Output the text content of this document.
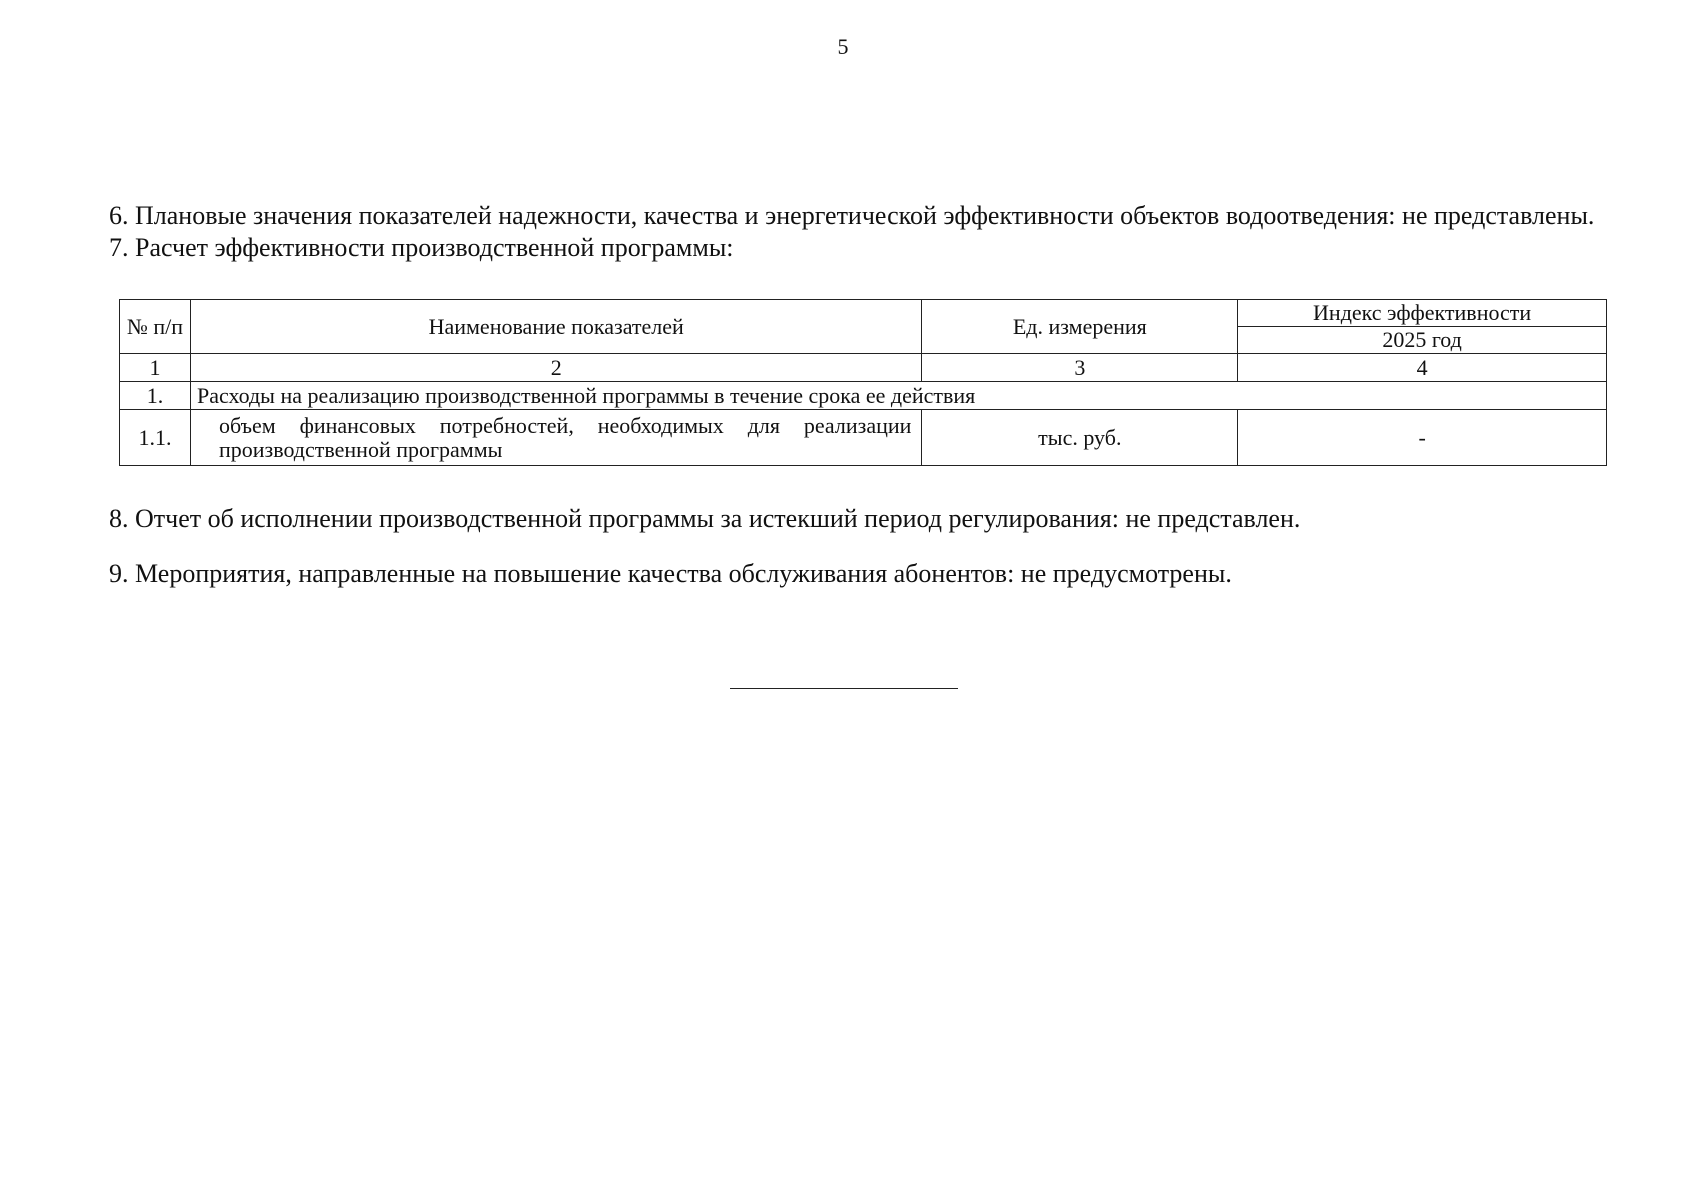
5

6. Плановые значения показателей надежности, качества и энергетической эффективности объектов водоотведения: не представлены.

7. Расчет эффективности производственной программы:

№ п/п	Наименование показателей	Ед. измерения	Индекс эффективности
			2025 год
1	2	3	4
1.	Расходы на реализацию производственной программы в течение срока ее действия		
1.1.	объем финансовых потребностей, необходимых для реализации производственной программы	тыс. руб.	-

8. Отчет об исполнении производственной программы за истекший период регулирования: не представлен.

9. Мероприятия, направленные на повышение качества обслуживания абонентов: не предусмотрены.
